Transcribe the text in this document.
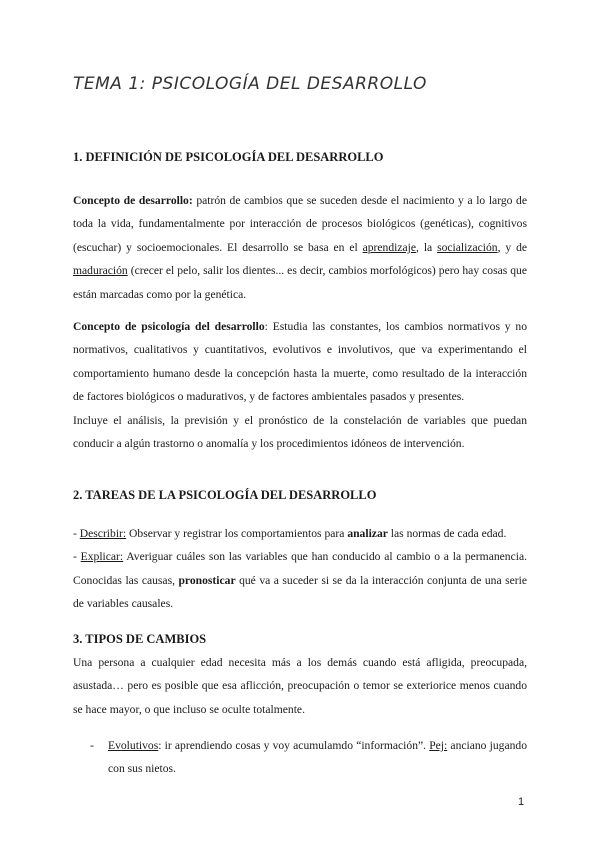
TEMA 1: PSICOLOGÍA DEL DESARROLLO
1. DEFINICIÓN DE PSICOLOGÍA DEL DESARROLLO

Concepto de desarrollo: patrón de cambios que se suceden desde el nacimiento y a lo largo de toda la vida, fundamentalmente por interacción de procesos biológicos (genéticas), cognitivos (escuchar) y socioemocionales. El desarrollo se basa en el aprendizaje, la socialización, y de maduración (crecer el pelo, salir los dientes... es decir, cambios morfológicos) pero hay cosas que están marcadas como por la genética.

Concepto de psicología del desarrollo: Estudia las constantes, los cambios normativos y no normativos, cualitativos y cuantitativos, evolutivos e involutivos, que va experimentando el comportamiento humano desde la concepción hasta la muerte, como resultado de la interacción de factores biológicos o madurativos, y de factores ambientales pasados y presentes.
Incluye el análisis, la previsión y el pronóstico de la constelación de variables que puedan conducir a algún trastorno o anomalía y los procedimientos idóneos de intervención.

2. TAREAS DE LA PSICOLOGÍA DEL DESARROLLO

- Describir: Observar y registrar los comportamientos para analizar las normas de cada edad.
- Explicar: Averiguar cuáles son las variables que han conducido al cambio o a la permanencia. Conocidas las causas, pronosticar qué va a suceder si se da la interacción conjunta de una serie de variables causales.

3. TIPOS DE CAMBIOS

Una persona a cualquier edad necesita más a los demás cuando está afligida, preocupada, asustada… pero es posible que esa aflicción, preocupación o temor se exteriorice menos cuando se hace mayor, o que incluso se oculte totalmente.

- Evolutivos: ir aprendiendo cosas y voy acumulamdo “información”. Pej: anciano jugando con sus nietos.

1
